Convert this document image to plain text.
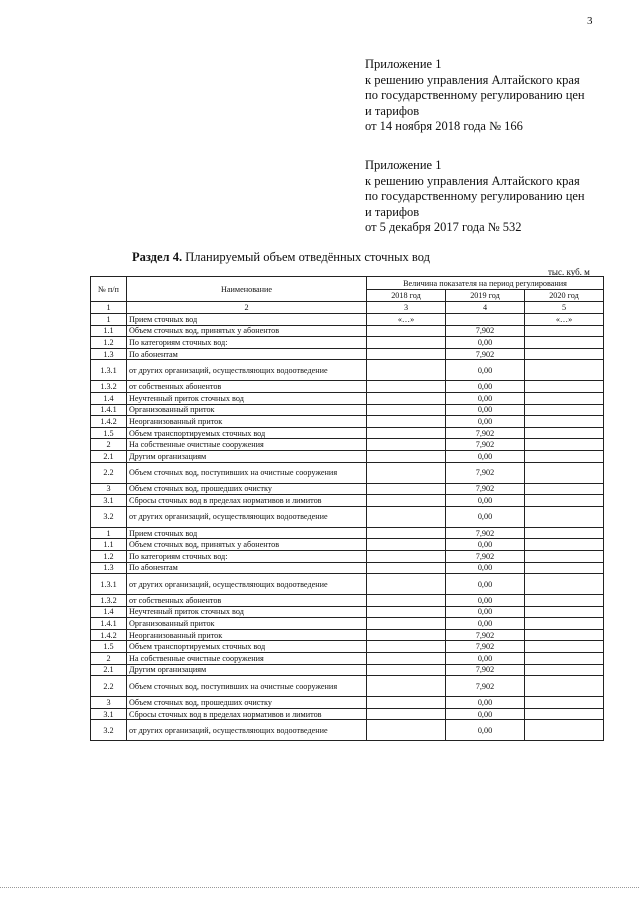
3
Приложение 1
к решению управления Алтайского края
по государственному регулированию цен
и тарифов
от 14 ноября 2018 года № 166
Приложение 1
к решению управления Алтайского края
по государственному регулированию цен
и тарифов
от 5 декабря 2017 года № 532
Раздел 4. Планируемый объем отведённых сточных вод
тыс. куб. м
№ п/п	Наименование	Величина показателя на период регулирования		
		2018 год	2019 год	2020 год
1	2	3	4	5
1	Прием сточных вод	«…»		«…»
1.1	Объем сточных вод, принятых у абонентов		7,902	
1.2	По категориям сточных вод:		0,00	
1.3	По абонентам		7,902	
1.3.1	от других организаций, осуществляющих водоотведение		0,00	
1.3.2	от собственных абонентов		0,00	
1.4	Неучтенный приток сточных вод		0,00	
1.4.1	Организованный приток		0,00	
1.4.2	Неорганизованный приток		0,00	
1.5	Объем транспортируемых сточных вод		7,902	
2	На собственные очистные сооружения		7,902	
2.1	Другим организациям		0,00	
2.2	Объем сточных вод, поступивших на очистные сооружения		7,902	
3	Объем сточных вод, прошедших очистку		7,902	
3.1	Сбросы сточных вод в пределах нормативов и лимитов		0,00	
3.2	от других организаций, осуществляющих водоотведение		0,00	
1	Прием сточных вод		7,902	
1.1	Объем сточных вод, принятых у абонентов		0,00	
1.2	По категориям сточных вод:		7,902	
1.3	По абонентам		0,00	
1.3.1	от других организаций, осуществляющих водоотведение		0,00	
1.3.2	от собственных абонентов		0,00	
1.4	Неучтенный приток сточных вод		0,00	
1.4.1	Организованный приток		0,00	
1.4.2	Неорганизованный приток		7,902	
1.5	Объем транспортируемых сточных вод		7,902	
2	На собственные очистные сооружения		0,00	
2.1	Другим организациям		7,902	
2.2	Объем сточных вод, поступивших на очистные сооружения		7,902	
3	Объем сточных вод, прошедших очистку		0,00	
3.1	Сбросы сточных вод в пределах нормативов и лимитов		0,00	
3.2	от других организаций, осуществляющих водоотведение		0,00	
